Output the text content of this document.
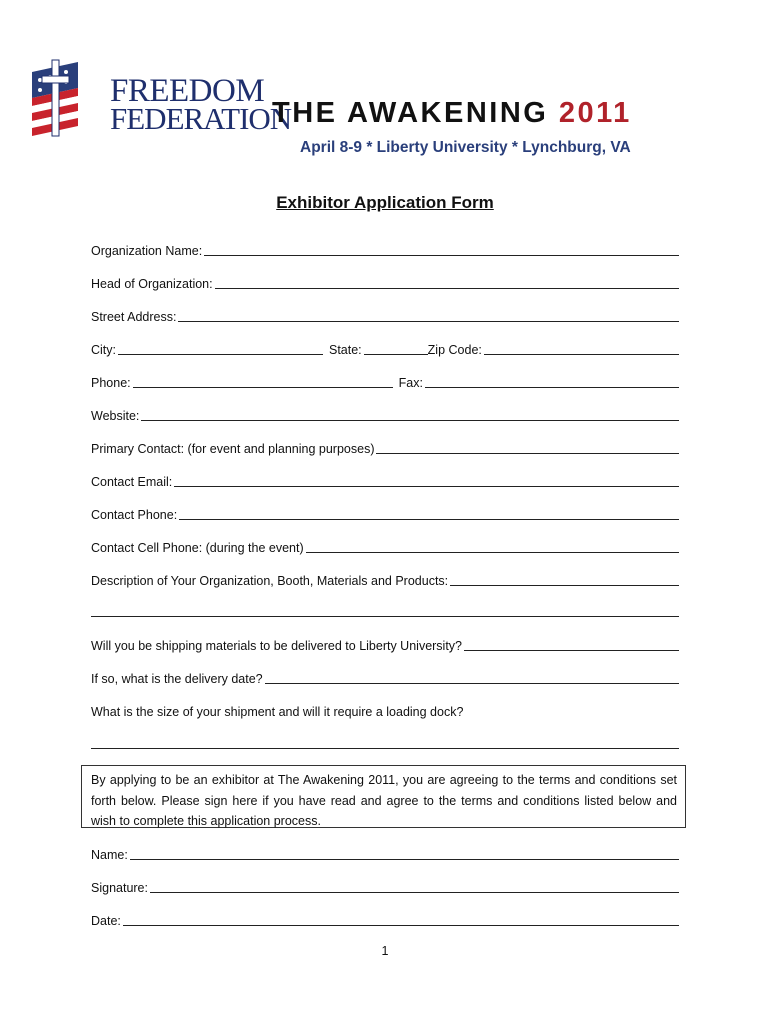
FREEDOM
FEDERATION
THE AWAKENING 2011
April 8-9 * Liberty University * Lynchburg, VA
Exhibitor Application Form
Organization Name:
Head of Organization:
Street Address:
City:	State:	Zip Code:
Phone:	Fax:
Website:
Primary Contact: (for event and planning purposes)
Contact Email:
Contact Phone:
Contact Cell Phone: (during the event)
Description of Your Organization, Booth, Materials and Products:
Will you be shipping materials to be delivered to Liberty University?
If so, what is the delivery date?
What is the size of your shipment and will it require a loading dock?
By applying to be an exhibitor at The Awakening 2011, you are agreeing to the terms and conditions set forth below. Please sign here if you have read and agree to the terms and conditions listed below and wish to complete this application process.
Name:
Signature:
Date:
1
